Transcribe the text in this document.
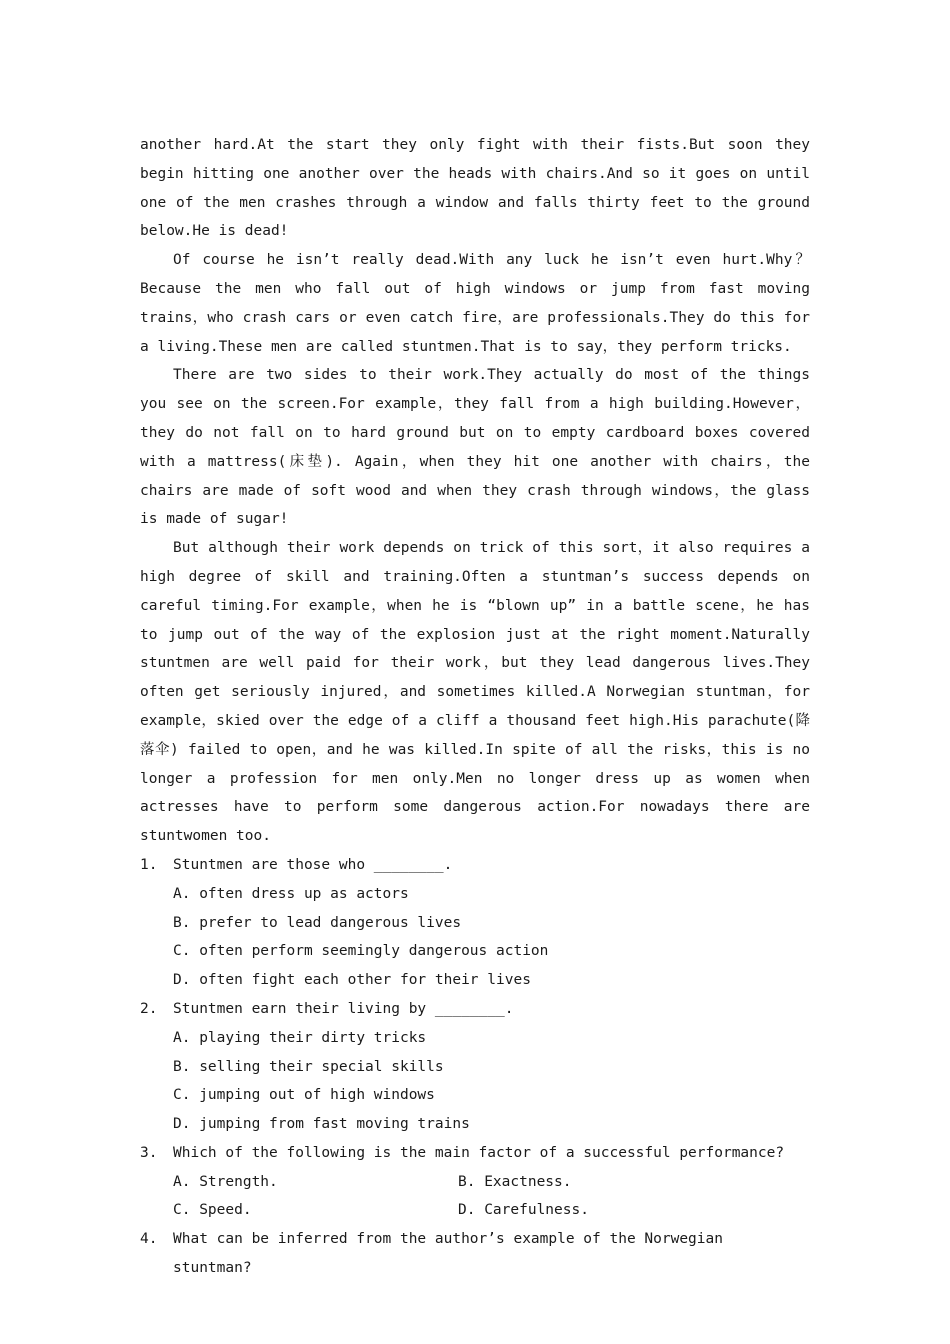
another hard.At the start they only fight with their fists.But soon they begin hitting one another over the heads with chairs.And so it goes on until one of the men crashes through a window and falls thirty feet to the ground below.He is dead!

Of course he isn’t really dead.With any luck he isn’t even hurt.Why？Because the men who fall out of high windows or jump from fast moving trains，who crash cars or even catch fire，are professionals.They do this for a living.These men are called stuntmen.That is to say，they perform tricks.

There are two sides to their work.They actually do most of the things you see on the screen.For example，they fall from a high building.However，they do not fall on to hard ground but on to empty cardboard boxes covered with a mattress(床垫). Again，when they hit one another with chairs，the chairs are made of soft wood and when they crash through windows，the glass is made of sugar!

But although their work depends on trick of this sort，it also requires a high degree of skill and training.Often a stuntman’s success depends on careful timing.For example，when he is “blown up” in a battle scene，he has to jump out of the way of the explosion just at the right moment.Naturally stuntmen are well paid for their work，but they lead dangerous lives.They often get seriously injured，and sometimes killed.A Norwegian stuntman，for example，skied over the edge of a cliff a thousand feet high.His parachute(降落伞) failed to open，and he was killed.In spite of all the risks，this is no longer a profession for men only.Men no longer dress up as women when actresses have to perform some dangerous action.For nowadays there are stuntwomen too.

1.	Stuntmen are those who ________.

A. often dress up as actors

B. prefer to lead dangerous lives

C. often perform seemingly dangerous action

D. often fight each other for their lives

2.	Stuntmen earn their living by ________.

A. playing their dirty tricks

B. selling their special skills

C. jumping out of high windows

D. jumping from fast moving trains

3.	Which of the following is the main factor of a successful performance?

A. Strength.	B. Exactness.
C. Speed.	D. Carefulness.

4.	What can be inferred from the author’s example of the Norwegian stuntman?
